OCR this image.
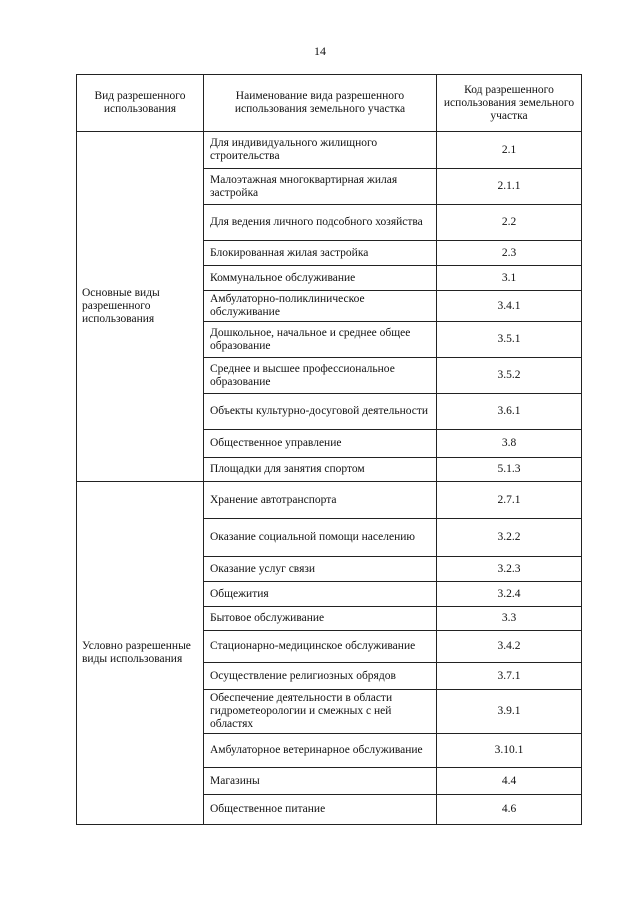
14
Вид разрешенного использования	Наименование вида разрешенного использования земельного участка	Код разрешенного использования земельного участка
Основные виды разрешенного использования	Для индивидуального жилищного строительства	2.1
	Малоэтажная многоквартирная жилая застройка	2.1.1
	Для ведения личного подсобного хозяйства	2.2
	Блокированная жилая застройка	2.3
	Коммунальное обслуживание	3.1
	Амбулаторно-поликлиническое обслуживание	3.4.1
	Дошкольное, начальное и среднее общее образование	3.5.1
	Среднее и высшее профессиональное образование	3.5.2
	Объекты культурно-досуговой деятельности	3.6.1
	Общественное управление	3.8
	Площадки для занятия спортом	5.1.3
Условно разрешенные виды использования	Хранение автотранспорта	2.7.1
	Оказание социальной помощи населению	3.2.2
	Оказание услуг связи	3.2.3
	Общежития	3.2.4
	Бытовое обслуживание	3.3
	Стационарно-медицинское обслуживание	3.4.2
	Осуществление религиозных обрядов	3.7.1
	Обеспечение деятельности в области гидрометеорологии и смежных с ней областях	3.9.1
	Амбулаторное ветеринарное обслуживание	3.10.1
	Магазины	4.4
	Общественное питание	4.6
